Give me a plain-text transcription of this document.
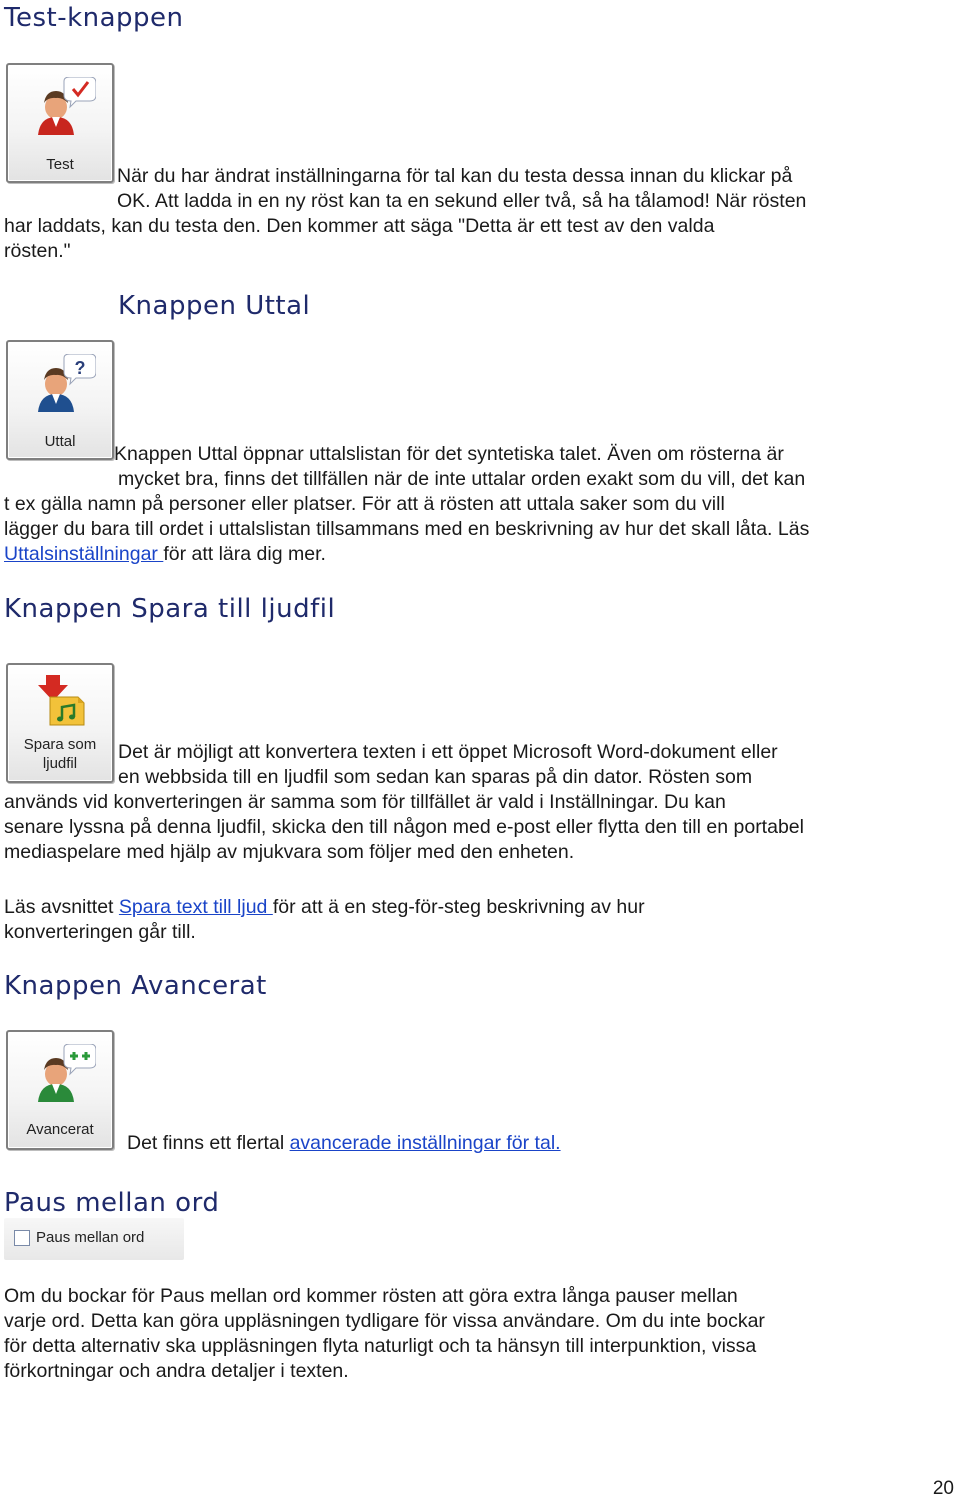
Test-knappen
Test
När du har ändrat inställningarna för tal kan du testa dessa innan du klickar på
OK. Att ladda in en ny röst kan ta en sekund eller två, så ha tålamod! När rösten
har laddats, kan du testa den. Den kommer att säga "Detta är ett test av den valda
rösten."
Knappen Uttal
?
Uttal
Knappen Uttal öppnar uttalslistan för det syntetiska talet. Även om rösterna är
mycket bra, finns det tillfällen när de inte uttalar orden exakt som du vill, det kan
t ex gälla namn på personer eller platser. För att ä rösten att uttala saker som du vill
lägger du bara till ordet i uttalslistan tillsammans med en beskrivning av hur det skall låta. Läs
Uttalsinställningar för att lära dig mer.
Knappen Spara till ljudfil
Spara som
ljudfil
Det är möjligt att konvertera texten i ett öppet Microsoft Word-dokument eller
en webbsida till en ljudfil som sedan kan sparas på din dator. Rösten som
används vid konverteringen är samma som för tillfället är vald i Inställningar. Du kan
senare lyssna på denna ljudfil, skicka den till någon med e-post eller flytta den till en portabel
mediaspelare med hjälp av mjukvara som följer med den enheten.
Läs avsnittet Spara text till ljud för att ä en steg-för-steg beskrivning av hur
konverteringen går till.
Knappen Avancerat
Avancerat
Det finns ett flertal avancerade inställningar för tal.
Paus mellan ord
Paus mellan ord
Om du bockar för Paus mellan ord kommer rösten att göra extra långa pauser mellan
varje ord. Detta kan göra uppläsningen tydligare för vissa användare. Om du inte bockar
för detta alternativ ska uppläsningen flyta naturligt och ta hänsyn till interpunktion, vissa
förkortningar och andra detaljer i texten.
20
